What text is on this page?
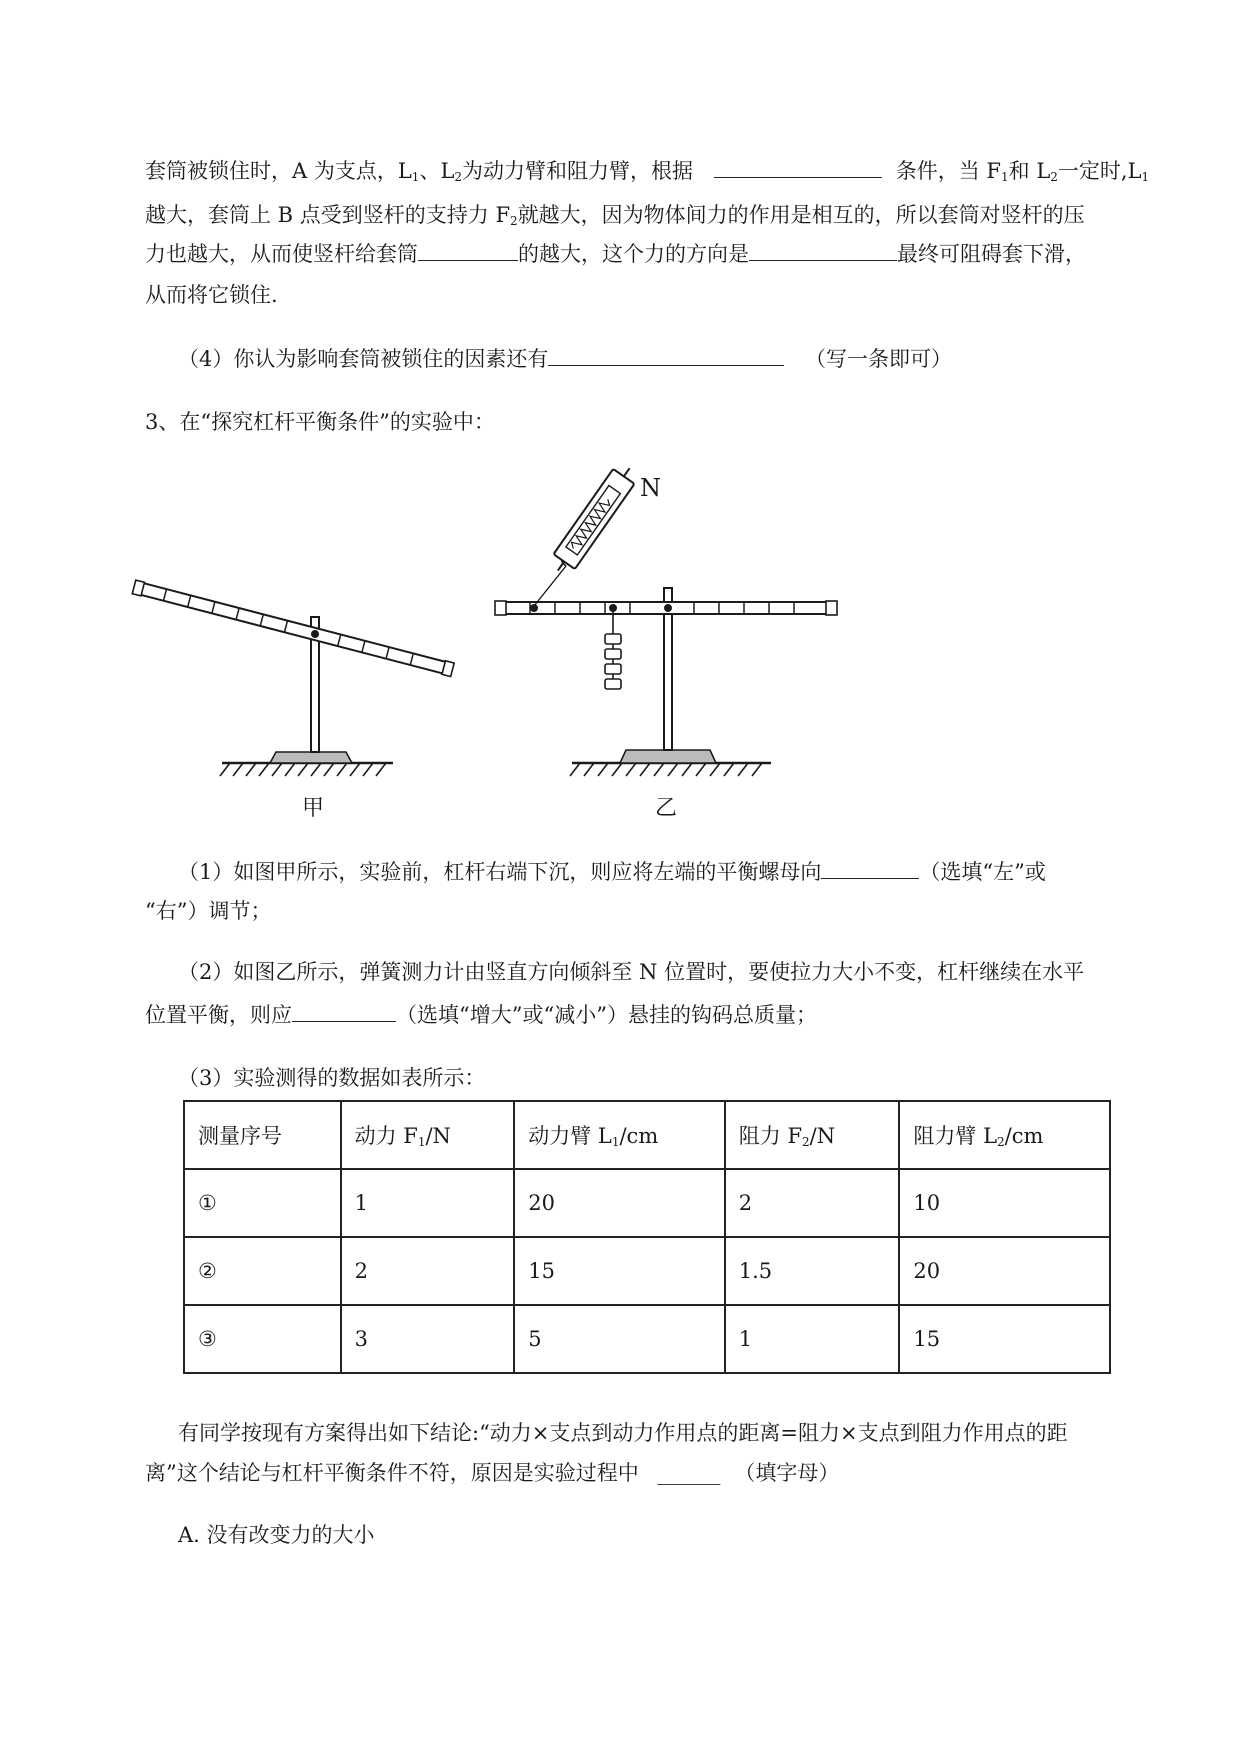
套筒被锁住时，A 为支点，$L_1$、$L_2$为动力臂和阻力臂，根据	条件，当 $F_1$和 $L_2$一定时$,L_1$
越大，套筒上 B 点受到竖杆的支持力 $F_2$就越大，因为物体间力的作用是相互的，所以套筒对竖杆的压
力也越大，从而使竖杆给套筒	的越大，这个力的方向是	最终可阻碍套下滑，
从而将它锁住.
（4）你认为影响套筒被锁住的因素还有	（写一条即可）
3、在“探究杠杆平衡条件”的实验中：
N
甲	乙
（1）如图甲所示，实验前，杠杆右端下沉，则应将左端的平衡螺母向	（选填“左”或
“右”）调节；
（2）如图乙所示，弹簧测力计由竖直方向倾斜至 N 位置时，要使拉力大小不变，杠杆继续在水平
位置平衡，则应	（选填“增大”或“减小”）悬挂的钩码总质量；
（3）实验测得的数据如表所示：
测量序号	动力 $F_1/N$	动力臂 $L_1/cm$	阻力 $F_2/N$	阻力臂 $L_2/cm$
①	1	20	2	10
②	2	15	1.5	20
③	3	5	1	15
有同学按现有方案得出如下结论:“动力×支点到动力作用点的距离=阻力×支点到阻力作用点的距
离”这个结论与杠杆平衡条件不符，原因是实验过程中 ______ （填字母）
A. 没有改变力的大小
